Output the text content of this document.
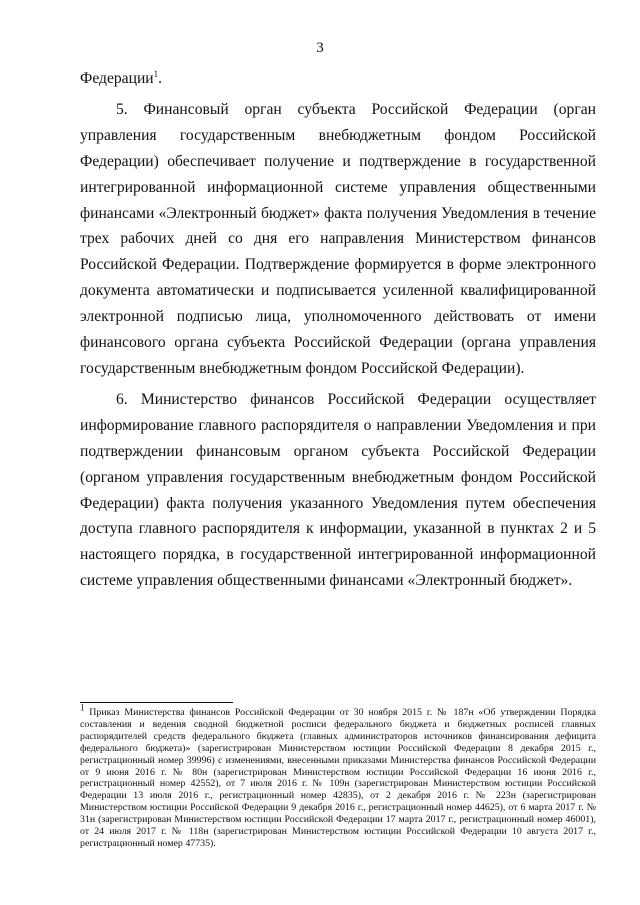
3

Федерации$^1$.

5. Финансовый орган субъекта Российской Федерации (орган управления государственным внебюджетным фондом Российской Федерации) обеспечивает получение и подтверждение в государственной интегрированной информационной системе управления общественными финансами «Электронный бюджет» факта получения Уведомления в течение трех рабочих дней со дня его направления Министерством финансов Российской Федерации. Подтверждение формируется в форме электронного документа автоматически и подписывается усиленной квалифицированной электронной подписью лица, уполномоченного действовать от имени финансового органа субъекта Российской Федерации (органа управления государственным внебюджетным фондом Российской Федерации).

6. Министерство финансов Российской Федерации осуществляет информирование главного распорядителя о направлении Уведомления и при подтверждении финансовым органом субъекта Российской Федерации (органом управления государственным внебюджетным фондом Российской Федерации) факта получения указанного Уведомления путем обеспечения доступа главного распорядителя к информации, указанной в пунктах 2 и 5 настоящего порядка, в государственной интегрированной информационной системе управления общественными финансами «Электронный бюджет».

$^1$ Приказ Министерства финансов Российской Федерации от 30 ноября 2015 г. № 187н «Об утверждении Порядка составления и ведения сводной бюджетной росписи федерального бюджета и бюджетных росписей главных распорядителей средств федерального бюджета (главных администраторов источников финансирования дефицита федерального бюджета)» (зарегистрирован Министерством юстиции Российской Федерации 8 декабря 2015 г., регистрационный номер 39996) с изменениями, внесенными приказами Министерства финансов Российской Федерации от 9 июня 2016 г. № 80н (зарегистрирован Министерством юстиции Российской Федерации 16 июня 2016 г., регистрационный номер 42552), от 7 июля 2016 г. № 109н (зарегистрирован Министерством юстиции Российской Федерации 13 июля 2016 г., регистрационный номер 42835), от 2 декабря 2016 г. № 223н (зарегистрирован Министерством юстиции Российской Федерации 9 декабря 2016 г., регистрационный номер 44625), от 6 марта 2017 г. № 31н (зарегистрирован Министерством юстиции Российской Федерации 17 марта 2017 г., регистрационный номер 46001), от 24 июля 2017 г. № 118н (зарегистрирован Министерством юстиции Российской Федерации 10 августа 2017 г., регистрационный номер 47735).
